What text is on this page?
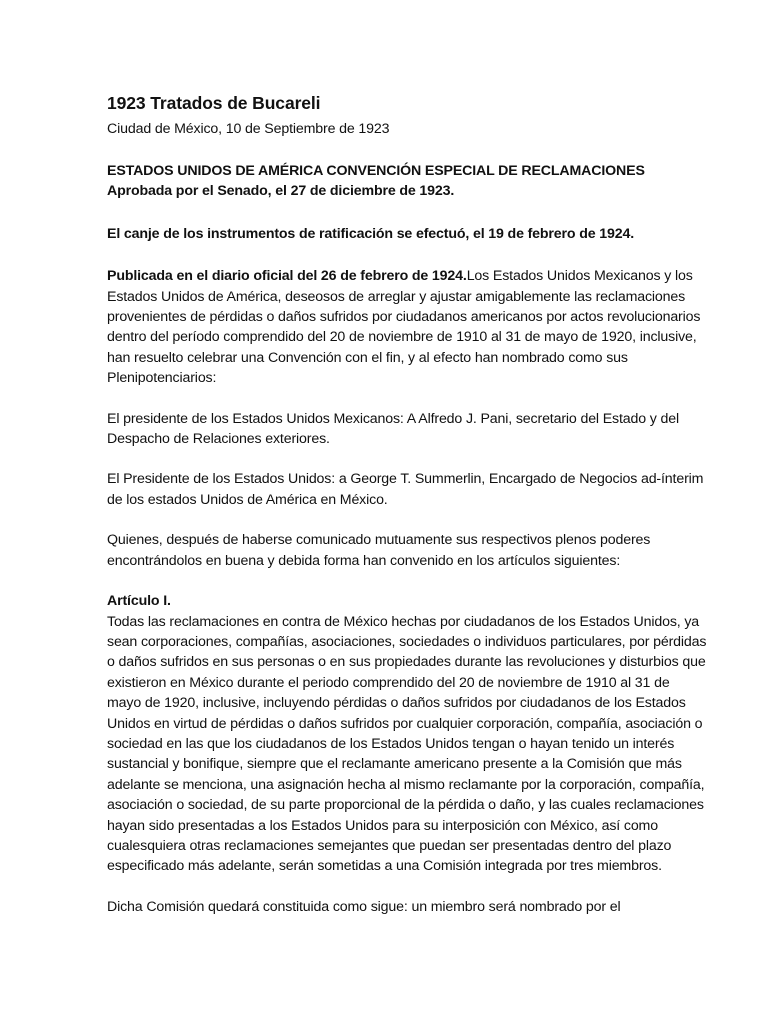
1923 Tratados de Bucareli

Ciudad de México, 10 de Septiembre de 1923

ESTADOS UNIDOS DE AMÉRICA CONVENCIÓN ESPECIAL DE RECLAMACIONES

Aprobada por el Senado, el 27 de diciembre de 1923.

El canje de los instrumentos de ratificación se efectuó, el 19 de febrero de 1924.

Publicada en el diario oficial del 26 de febrero de 1924.Los Estados Unidos Mexicanos y los Estados Unidos de América, deseosos de arreglar y ajustar amigablemente las reclamaciones provenientes de pérdidas o daños sufridos por ciudadanos americanos por actos revolucionarios dentro del período comprendido del 20 de noviembre de 1910 al 31 de mayo de 1920, inclusive, han resuelto celebrar una Convención con el fin, y al efecto han nombrado como sus Plenipotenciarios:

El presidente de los Estados Unidos Mexicanos: A Alfredo J. Pani, secretario del Estado y del Despacho de Relaciones exteriores.

El Presidente de los Estados Unidos: a George T. Summerlin, Encargado de Negocios ad-ínterim de los estados Unidos de América en México.

Quienes, después de haberse comunicado mutuamente sus respectivos plenos poderes encontrándolos en buena y debida forma han convenido en los artículos siguientes:

Artículo I.

Todas las reclamaciones en contra de México hechas por ciudadanos de los Estados Unidos, ya sean corporaciones, compañías, asociaciones, sociedades o individuos particulares, por pérdidas o daños sufridos en sus personas o en sus propiedades durante las revoluciones y disturbios que existieron en México durante el periodo comprendido del 20 de noviembre de 1910 al 31 de mayo de 1920, inclusive, incluyendo pérdidas o daños sufridos por ciudadanos de los Estados Unidos en virtud de pérdidas o daños sufridos por cualquier corporación, compañía, asociación o sociedad en las que los ciudadanos de los Estados Unidos tengan o hayan tenido un interés sustancial y bonifique, siempre que el reclamante americano presente a la Comisión que más adelante se menciona, una asignación hecha al mismo reclamante por la corporación, compañía, asociación o sociedad, de su parte proporcional de la pérdida o daño, y las cuales reclamaciones hayan sido presentadas a los Estados Unidos para su interposición con México, así como cualesquiera otras reclamaciones semejantes que puedan ser presentadas dentro del plazo especificado más adelante, serán sometidas a una Comisión integrada por tres miembros.

Dicha Comisión quedará constituida como sigue: un miembro será nombrado por el
